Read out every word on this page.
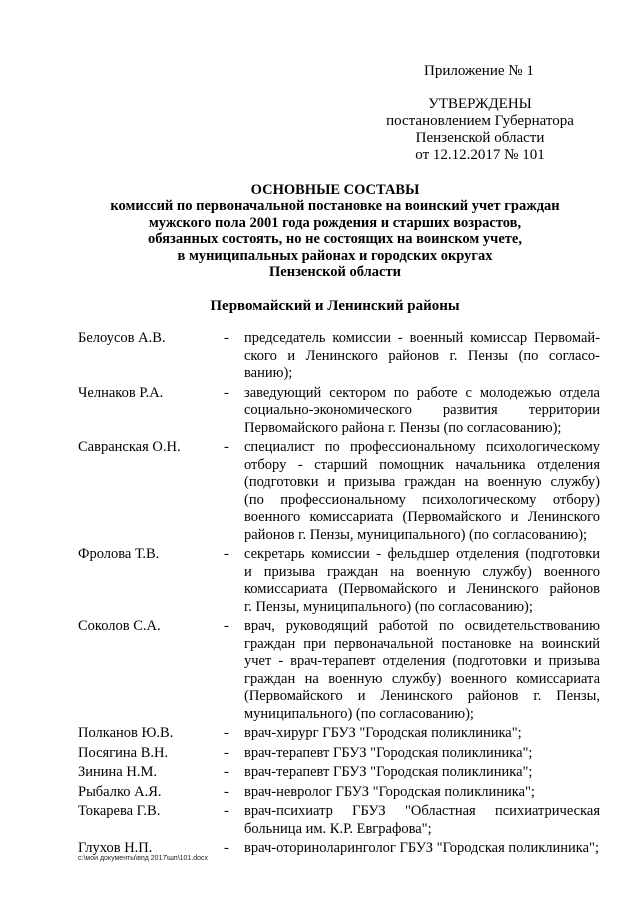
Приложение № 1
УТВЕРЖДЕНЫ
постановлением Губернатора
Пензенской области
от 12.12.2017 № 101
ОСНОВНЫЕ СОСТАВЫ
комиссий по первоначальной постановке на воинский учет граждан
мужского пола 2001 года рождения и старших возрастов,
обязанных состоять, но не состоящих на воинском учете,
в муниципальных районах и городских округах
Пензенской области
Первомайский и Ленинский районы
Белоусов А.В.	-	председатель комиссии - военный комиссар Первомай-
ского и Ленинского районов г. Пензы (по согласо-
ванию);
Челнаков Р.А.	-	заведующий сектором по работе с молодежью отдела
социально-экономического развития территории
Первомайского района г. Пензы (по согласованию);
Савранская О.Н.	-	специалист по профессиональному психологическому
отбору - старший помощник начальника отделения
(подготовки и призыва граждан на военную службу)
(по профессиональному психологическому отбору)
военного комиссариата (Первомайского и Ленинского
районов г. Пензы, муниципального) (по согласованию);
Фролова Т.В.	-	секретарь комиссии - фельдшер отделения (подготовки
и призыва граждан на военную службу) военного
комиссариата (Первомайского и Ленинского районов
г. Пензы, муниципального) (по согласованию);
Соколов С.А.	-	врач, руководящий работой по освидетельствованию
граждан при первоначальной постановке на воинский
учет - врач-терапевт отделения (подготовки и призыва
граждан на военную службу) военного комиссариата
(Первомайского и Ленинского районов г. Пензы,
муниципального) (по согласованию);
Полканов Ю.В.	-	врач-хирург ГБУЗ "Городская поликлиника";
Посягина В.Н.	-	врач-терапевт ГБУЗ "Городская поликлиника";
Зинина Н.М.	-	врач-терапевт ГБУЗ "Городская поликлиника";
Рыбалко А.Я.	-	врач-невролог ГБУЗ "Городская поликлиника";
Токарева Г.В.	-	врач-психиатр ГБУЗ "Областная психиатрическая
больница им. К.Р. Евграфова";
Глухов Н.П.	-	врач-оториноларинголог ГБУЗ "Городская поликлиника";
c:\мои документы\впд 2017\шп\101.docx
